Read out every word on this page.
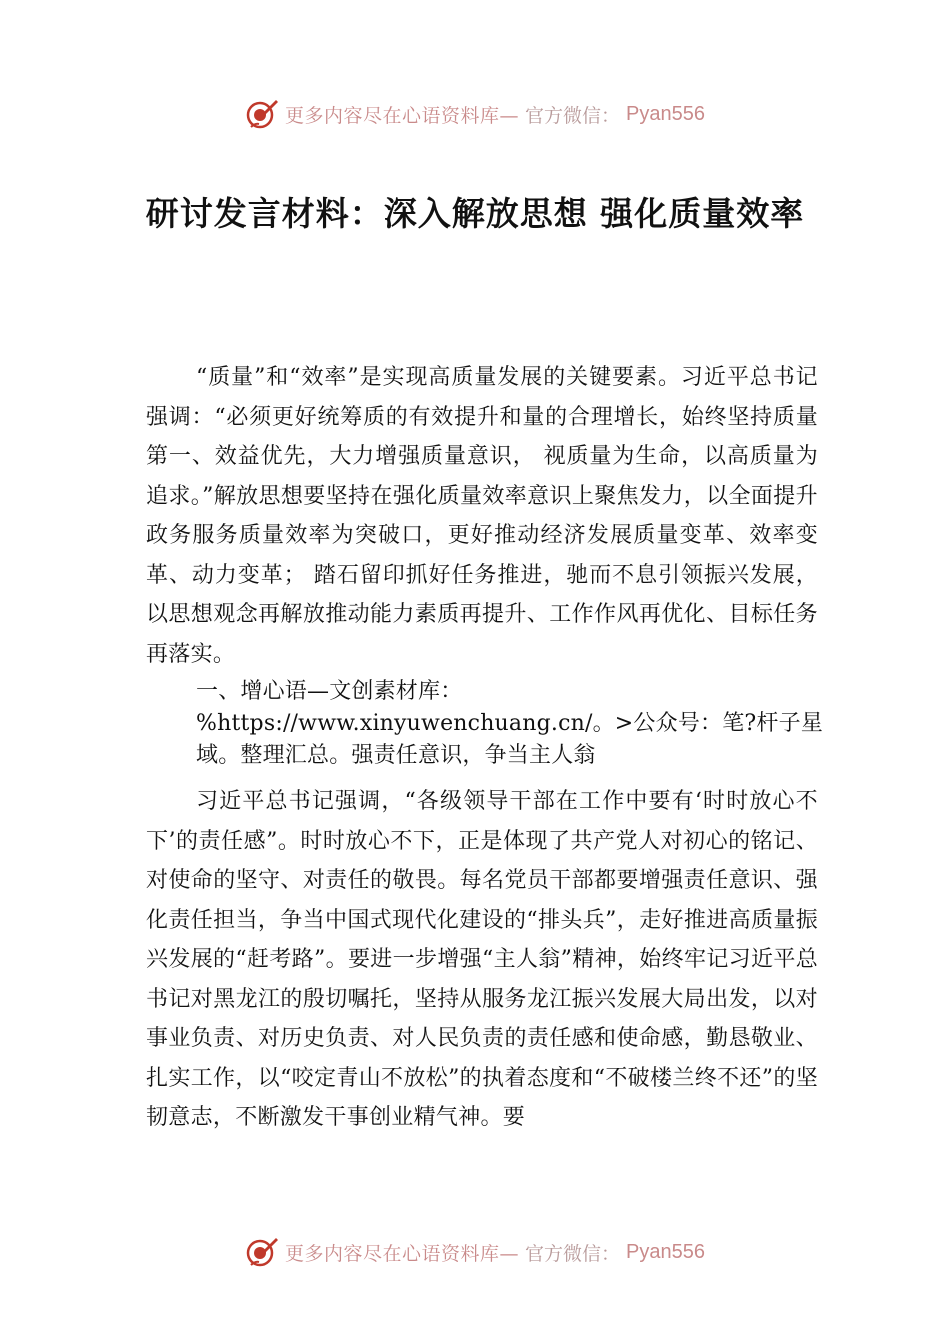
更多内容尽在心语资料库— 官方微信： Pyan556
研讨发言材料：深入解放思想 强化质量效率
“质量”和“效率”是实现高质量发展的关键要素。习近平总书记强调：“必须更好统筹质的有效提升和量的合理增长，始终坚持质量第一、效益优先，大力增强质量意识， 视质量为生命，以高质量为追求。”解放思想要坚持在强化质量效率意识上聚焦发力，以全面提升政务服务质量效率为突破口，更好推动经济发展质量变革、效率变革、动力变革； 踏石留印抓好任务推进，驰而不息引领振兴发展，以思想观念再解放推动能力素质再提升、工作作风再优化、目标任务再落实。
一、增心语—文创素材库：%https://www.xinyuwenchuang.cn/。>公众号：笔?杆子星域。整理汇总。强责任意识，争当主人翁
习近平总书记强调，“各级领导干部在工作中要有‘时时放心不下’的责任感”。时时放心不下，正是体现了共产党人对初心的铭记、对使命的坚守、对责任的敬畏。每名党员干部都要增强责任意识、强化责任担当，争当中国式现代化建设的“排头兵”，走好推进高质量振兴发展的“赶考路”。要进一步增强“主人翁”精神，始终牢记习近平总书记对黑龙江的殷切嘱托，坚持从服务龙江振兴发展大局出发，以对事业负责、对历史负责、对人民负责的责任感和使命感，勤恳敬业、扎实工作，以“咬定青山不放松”的执着态度和“不破楼兰终不还”的坚韧意志，不断激发干事创业精气神。要
更多内容尽在心语资料库— 官方微信： Pyan556
